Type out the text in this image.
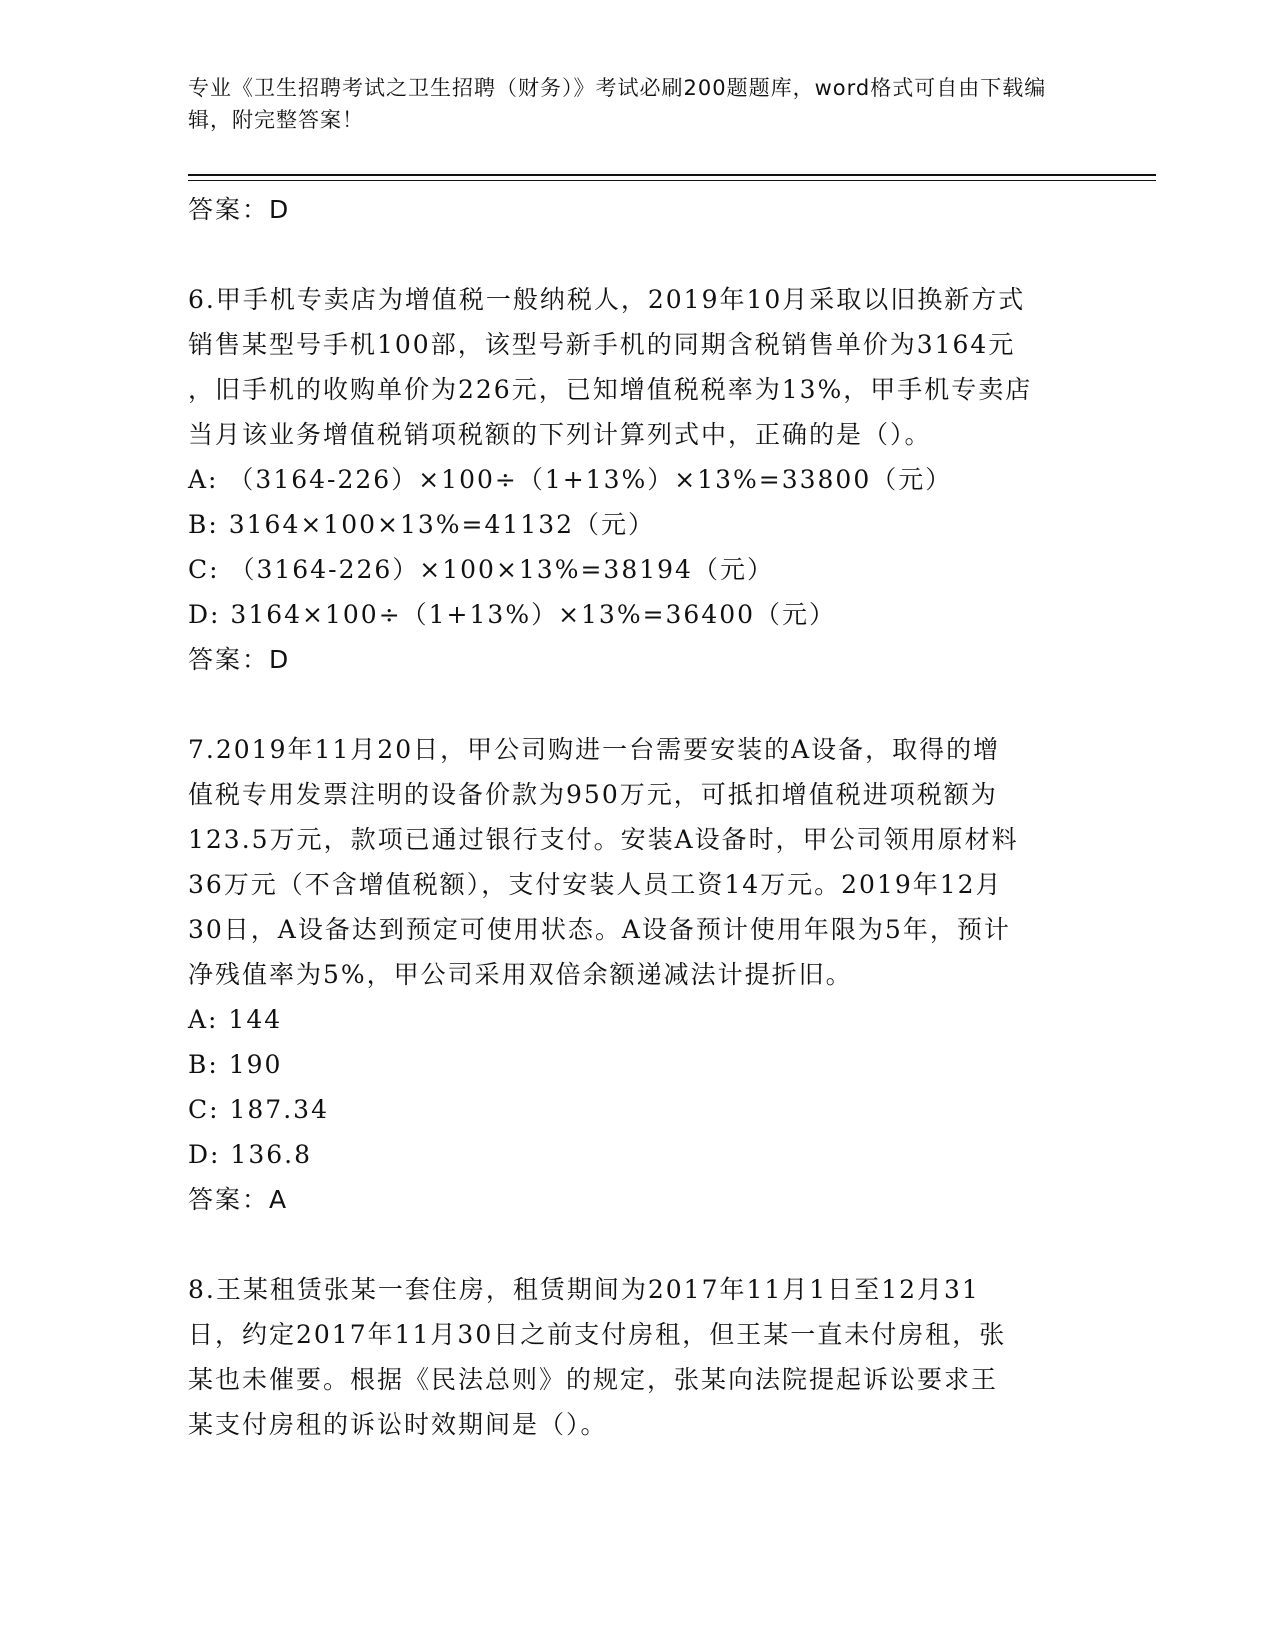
专业《卫生招聘考试之卫生招聘（财务）》考试必刷200题题库，word格式可自由下载编辑，附完整答案！
答案：D
6.甲手机专卖店为增值税一般纳税人，2019年10月采取以旧换新方式
销售某型号手机100部，该型号新手机的同期含税销售单价为3164元
，旧手机的收购单价为226元，已知增值税税率为13%，甲手机专卖店
当月该业务增值税销项税额的下列计算列式中，正确的是（）。
A: （3164-226）×100÷（1+13%）×13%=33800（元）
B: 3164×100×13%=41132（元）
C: （3164-226）×100×13%=38194（元）
D: 3164×100÷（1+13%）×13%=36400（元）
答案：D
7.2019年11月20日，甲公司购进一台需要安装的A设备，取得的增
值税专用发票注明的设备价款为950万元，可抵扣增值税进项税额为
123.5万元，款项已通过银行支付。安装A设备时，甲公司领用原材料
36万元（不含增值税额），支付安装人员工资14万元。2019年12月
30日，A设备达到预定可使用状态。A设备预计使用年限为5年，预计
净残值率为5%，甲公司采用双倍余额递减法计提折旧。
A: 144
B: 190
C: 187.34
D: 136.8
答案：A
8.王某租赁张某一套住房，租赁期间为2017年11月1日至12月31
日，约定2017年11月30日之前支付房租，但王某一直未付房租，张
某也未催要。根据《民法总则》的规定，张某向法院提起诉讼要求王
某支付房租的诉讼时效期间是（）。
